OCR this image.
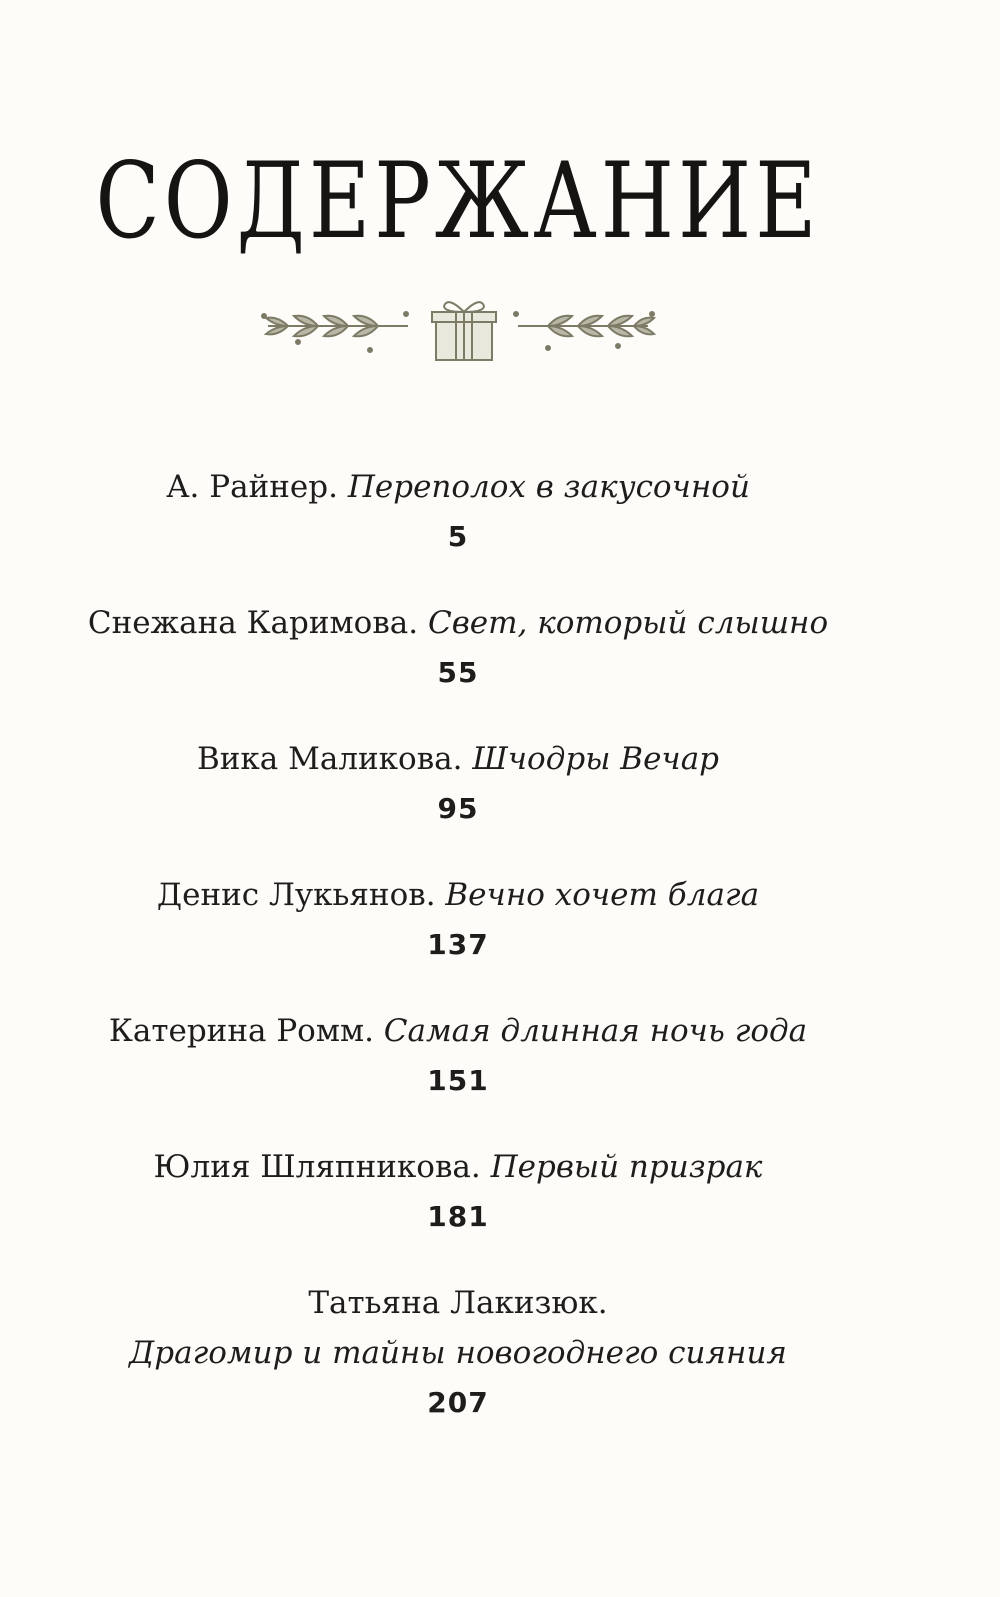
СОДЕРЖАНИЕ
А. Райнер. Переполох в закусочной
5
Снежана Каримова. Свет, который слышно
55
Вика Маликова. Шчодры Вечар
95
Денис Лукьянов. Вечно хочет блага
137
Катерина Ромм. Самая длинная ночь года
151
Юлия Шляпникова. Первый призрак
181
Татьяна Лакизюк.
Драгомир и тайны новогоднего сияния
207
